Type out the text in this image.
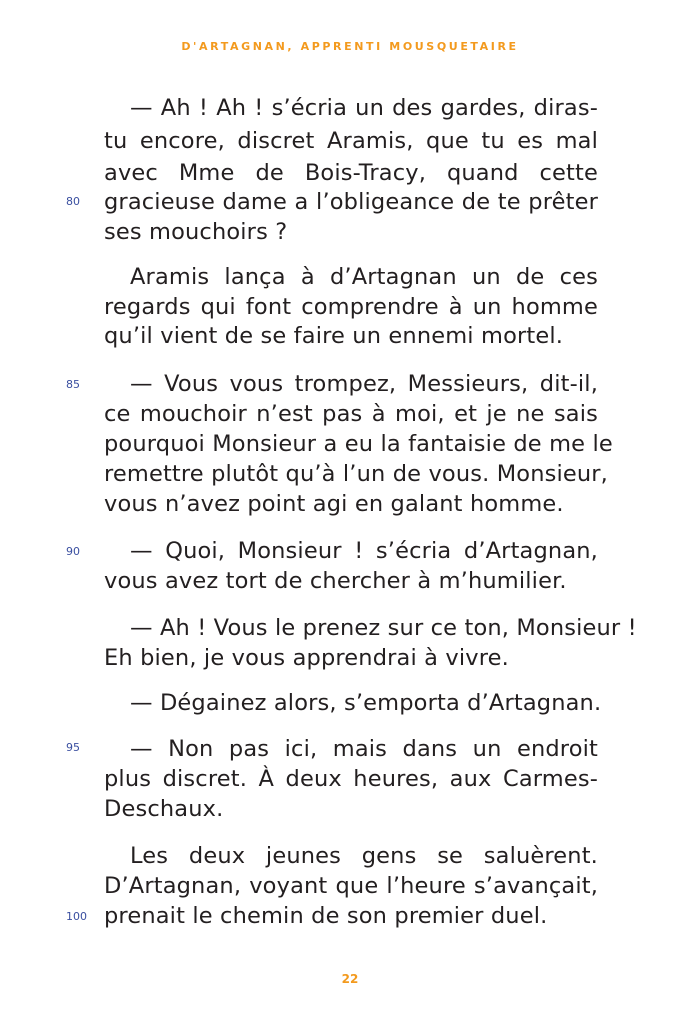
D'ARTAGNAN, APPRENTI MOUSQUETAIRE
80
85
90
95
100
— Ah ! Ah ! s’écria un des gardes, diras-
tu encore, discret Aramis, que tu es mal
avec Mme de Bois-Tracy, quand cette
gracieuse dame a l’obligeance de te prêter
ses mouchoirs ?
Aramis lança à d’Artagnan un de ces
regards qui font comprendre à un homme
qu’il vient de se faire un ennemi mortel.
— Vous vous trompez, Messieurs, dit-il,
ce mouchoir n’est pas à moi, et je ne sais
pourquoi Monsieur a eu la fantaisie de me le
remettre plutôt qu’à l’un de vous. Monsieur,
vous n’avez point agi en galant homme.
— Quoi, Monsieur ! s’écria d’Artagnan,
vous avez tort de chercher à m’humilier.
— Ah ! Vous le prenez sur ce ton, Monsieur !
Eh bien, je vous apprendrai à vivre.
— Dégainez alors, s’emporta d’Artagnan.
— Non pas ici, mais dans un endroit
plus discret. À deux heures, aux Carmes-
Deschaux.
Les deux jeunes gens se saluèrent.
D’Artagnan, voyant que l’heure s’avançait,
prenait le chemin de son premier duel.
22
